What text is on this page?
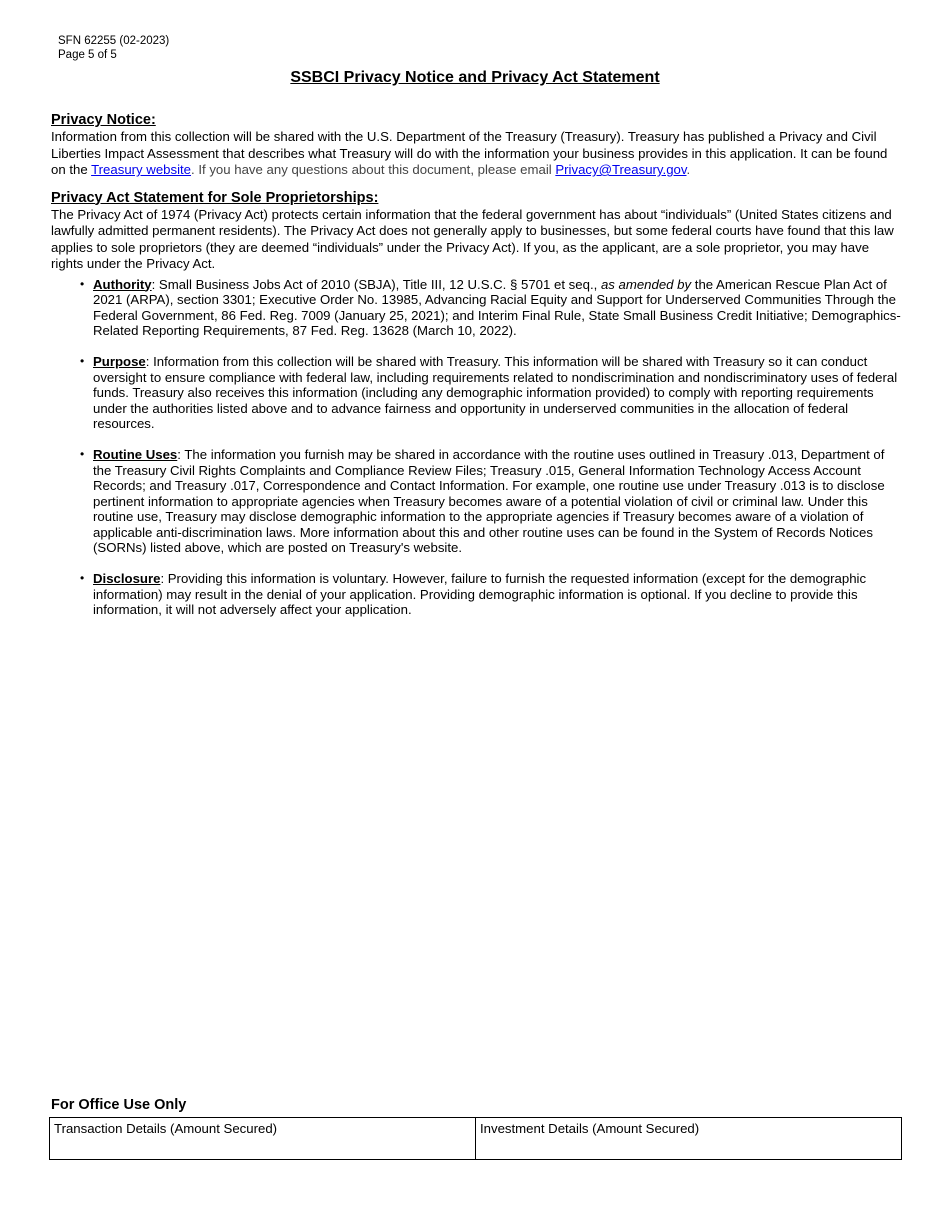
SFN 62255 (02-2023)
Page 5 of 5
SSBCI Privacy Notice and Privacy Act Statement
Privacy Notice:

Information from this collection will be shared with the U.S. Department of the Treasury (Treasury). Treasury has published a Privacy and Civil Liberties Impact Assessment that describes what Treasury will do with the information your business provides in this application. It can be found on the Treasury website. If you have any questions about this document, please email Privacy@Treasury.gov.

Privacy Act Statement for Sole Proprietorships:

The Privacy Act of 1974 (Privacy Act) protects certain information that the federal government has about “individuals” (United States citizens and lawfully admitted permanent residents). The Privacy Act does not generally apply to businesses, but some federal courts have found that this law applies to sole proprietors (they are deemed “individuals” under the Privacy Act). If you, as the applicant, are a sole proprietor, you may have rights under the Privacy Act.

• Authority: Small Business Jobs Act of 2010 (SBJA), Title III, 12 U.S.C. § 5701 et seq., as amended by the American Rescue Plan Act of 2021 (ARPA), section 3301; Executive Order No. 13985, Advancing Racial Equity and Support for Underserved Communities Through the Federal Government, 86 Fed. Reg. 7009 (January 25, 2021); and Interim Final Rule, State Small Business Credit Initiative; Demographics-Related Reporting Requirements, 87 Fed. Reg. 13628 (March 10, 2022).
• Purpose: Information from this collection will be shared with Treasury. This information will be shared with Treasury so it can conduct oversight to ensure compliance with federal law, including requirements related to nondiscrimination and nondiscriminatory uses of federal funds. Treasury also receives this information (including any demographic information provided) to comply with reporting requirements under the authorities listed above and to advance fairness and opportunity in underserved communities in the allocation of federal resources.
• Routine Uses: The information you furnish may be shared in accordance with the routine uses outlined in Treasury .013, Department of the Treasury Civil Rights Complaints and Compliance Review Files; Treasury .015, General Information Technology Access Account Records; and Treasury .017, Correspondence and Contact Information. For example, one routine use under Treasury .013 is to disclose pertinent information to appropriate agencies when Treasury becomes aware of a potential violation of civil or criminal law. Under this routine use, Treasury may disclose demographic information to the appropriate agencies if Treasury becomes aware of a violation of applicable anti-discrimination laws. More information about this and other routine uses can be found in the System of Records Notices (SORNs) listed above, which are posted on Treasury's website.
• Disclosure: Providing this information is voluntary. However, failure to furnish the requested information (except for the demographic information) may result in the denial of your application. Providing demographic information is optional. If you decline to provide this information, it will not adversely affect your application.
For Office Use Only
Transaction Details (Amount Secured)	Investment Details (Amount Secured)
